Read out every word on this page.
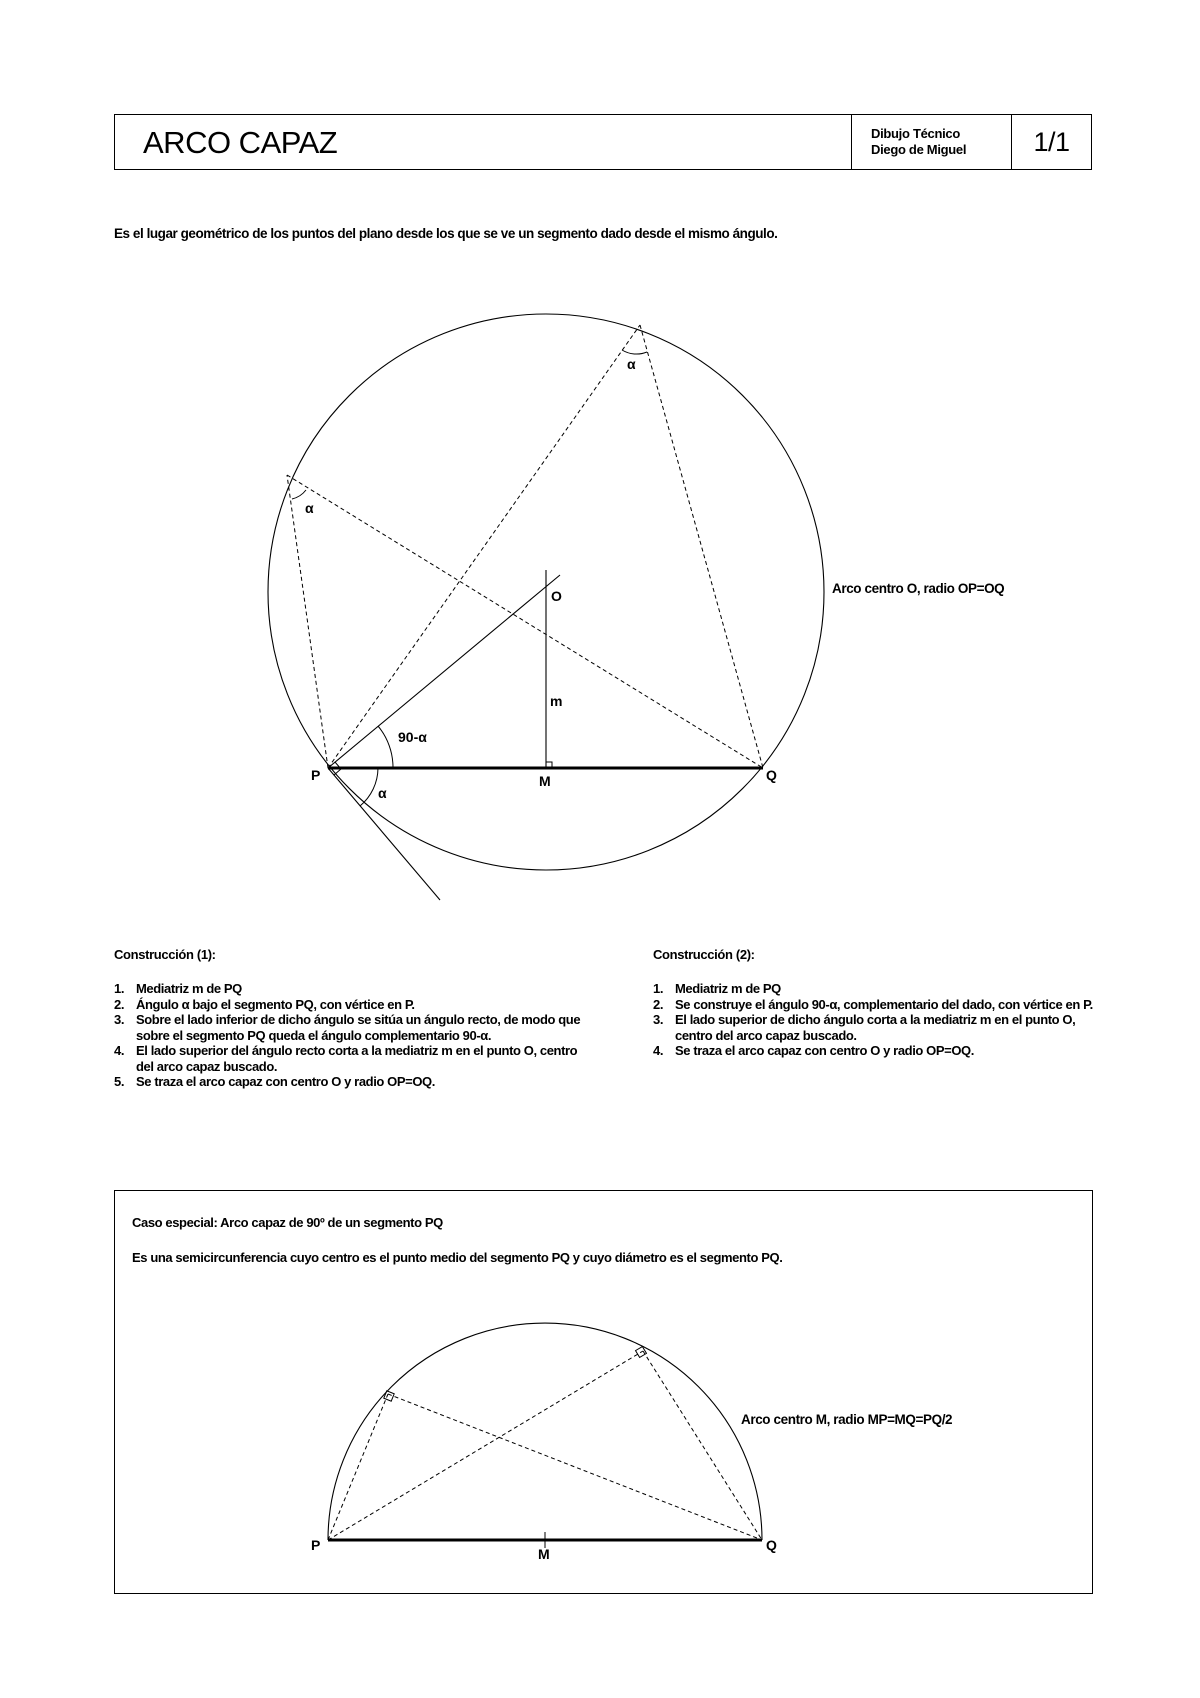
ARCO CAPAZ	Dibujo Técnico
Diego de Miguel 1/1
Es el lugar geométrico de los puntos del plano desde los que se ve un segmento dado desde el mismo ángulo.
P	Q
M
O
m
α
α
α
90-α
Arco centro O, radio OP=OQ
Construcción (1):
1. Mediatriz m de PQ
2. Ángulo α bajo el segmento PQ, con vértice en P.
3. Sobre el lado inferior de dicho ángulo se sitúa un ángulo recto, de modo que sobre el segmento PQ queda el ángulo complementario 90-α.
4. El lado superior del ángulo recto corta a la mediatriz m en el punto O, centro del arco capaz buscado.
5. Se traza el arco capaz con centro O y radio OP=OQ.
Construcción (2):
1. Mediatriz m de PQ
2. Se construye el ángulo 90-α, complementario del dado, con vértice en P.
3. El lado superior de dicho ángulo corta a la mediatriz m en el punto O, centro del arco capaz buscado.
4. Se traza el arco capaz con centro O y radio OP=OQ.
Caso especial: Arco capaz de 90º de un segmento PQ
Es una semicircunferencia cuyo centro es el punto medio del segmento PQ y cuyo diámetro es el segmento PQ.
P	Q
M
Arco centro M, radio MP=MQ=PQ/2
